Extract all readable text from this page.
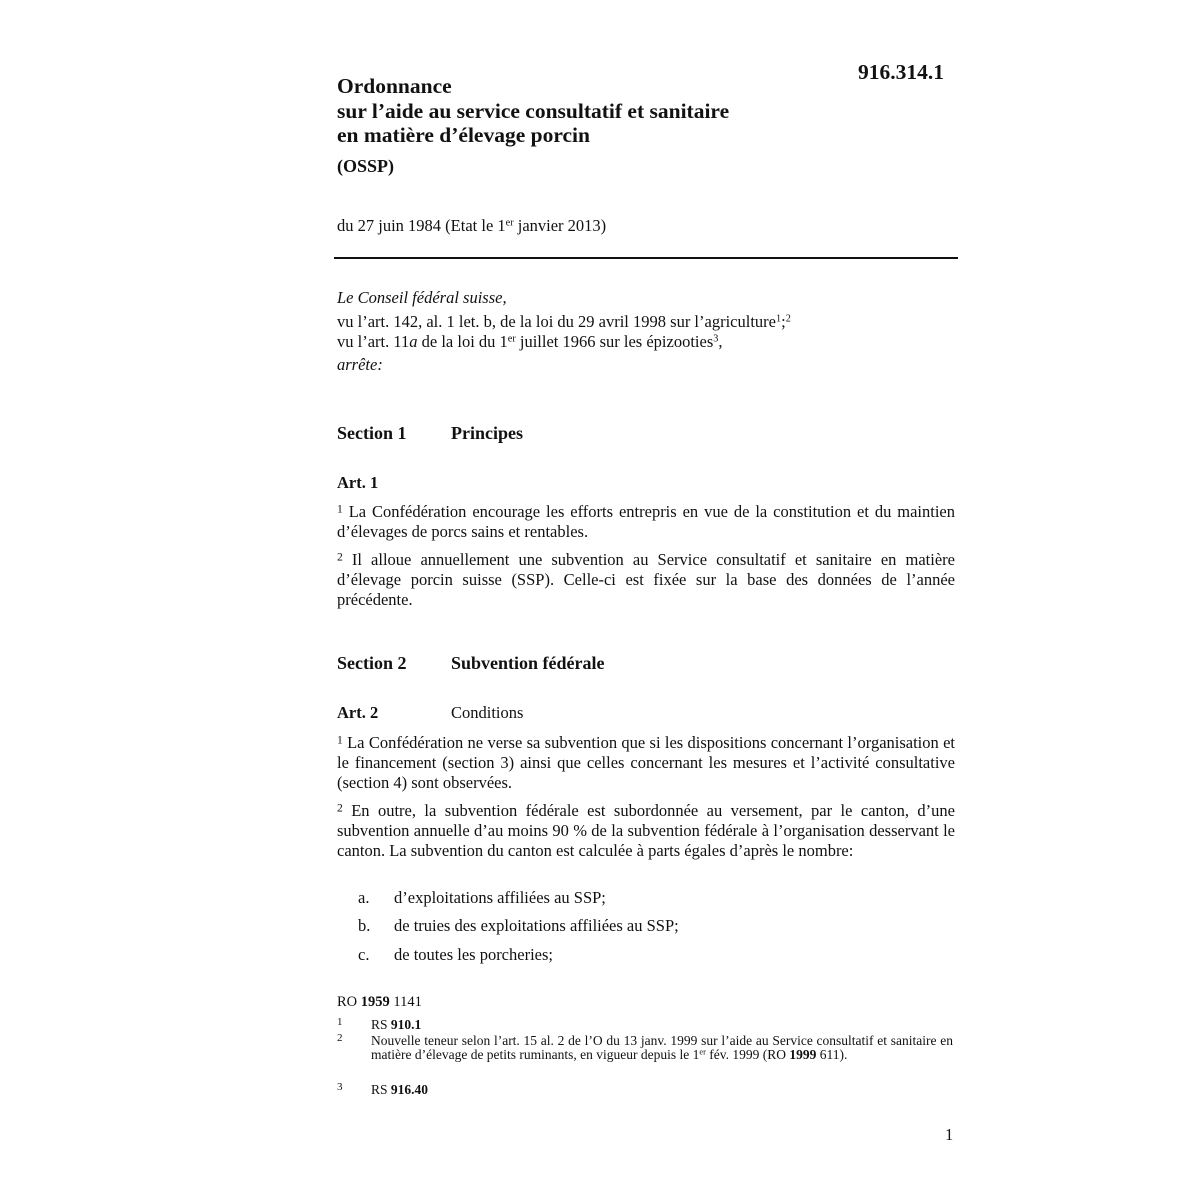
916.314.1
Ordonnance
sur l’aide au service consultatif et sanitaire
en matière d’élevage porcin
(OSSP)
du 27 juin 1984 (Etat le 1er janvier 2013)
Le Conseil fédéral suisse,
vu l’art. 142, al. 1 let. b, de la loi du 29 avril 1998 sur l’agriculture$^1$;$^2$
vu l’art. 11a de la loi du 1er juillet 1966 sur les épizooties$^3$,
arrête:
Section 1 Principes
Art. 1
$^1$ La Confédération encourage les efforts entrepris en vue de la constitution et du maintien d’élevages de porcs sains et rentables.
$^2$ Il alloue annuellement une subvention au Service consultatif et sanitaire en matière d’élevage porcin suisse (SSP). Celle-ci est fixée sur la base des données de l’année précédente.
Section 2 Subvention fédérale
Art. 2	Conditions
$^1$ La Confédération ne verse sa subvention que si les dispositions concernant l’organisation et le financement (section 3) ainsi que celles concernant les mesures et l’activité consultative (section 4) sont observées.
$^2$ En outre, la subvention fédérale est subordonnée au versement, par le canton, d’une subvention annuelle d’au moins 90 % de la subvention fédérale à l’organisation desservant le canton. La subvention du canton est calculée à parts égales d’après le nombre:
a. d’exploitations affiliées au SSP;
b. de truies des exploitations affiliées au SSP;
c. de toutes les porcheries;
RO 1959 1141
1 RS 910.1
2 Nouvelle teneur selon l’art. 15 al. 2 de l’O du 13 janv. 1999 sur l’aide au Service consultatif et sanitaire en matière d’élevage de petits ruminants, en vigueur depuis le 1er fév. 1999 (RO 1999 611).
3 RS 916.40
1
